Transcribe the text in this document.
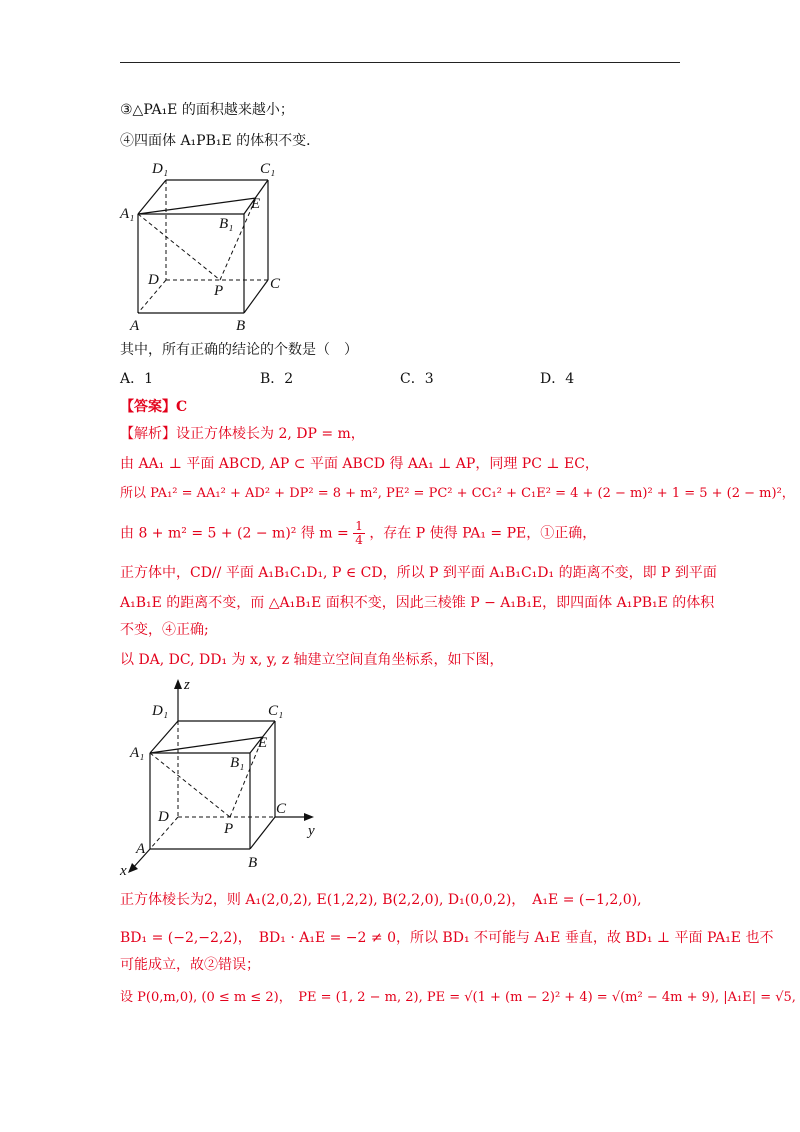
③△PA₁E 的面积越来越小；
④四面体 A₁PB₁E 的体积不变．
D₁	C₁
A₁
E
B₁
D
P	C
A	B
其中，所有正确的结论的个数是（　）
A．1	B．2	C．3	D．4
【答案】C
【解析】设正方体棱长为 2, DP = m，
由 AA₁ ⊥ 平面 ABCD, AP ⊂ 平面 ABCD 得 AA₁ ⊥ AP，同理 PC ⊥ EC，
所以 PA₁² = AA₁² + AD² + DP² = 8 + m², PE² = PC² + CC₁² + C₁E² = 4 + (2 − m)² + 1 = 5 + (2 − m)²，
由 8 + m² = 5 + (2 − m)² 得 $m = \frac{1}{4}$ ，存在 P 使得 PA₁ = PE，①正确，
正方体中，CD// 平面 A₁B₁C₁D₁, P ∈ CD，所以 P 到平面 A₁B₁C₁D₁ 的距离不变，即 P 到平面
A₁B₁E 的距离不变，而 △A₁B₁E 面积不变，因此三棱锥 P − A₁B₁E，即四面体 A₁PB₁E 的体积
不变，④正确;
以 DA, DC, DD₁ 为 x, y, z 轴建立空间直角坐标系，如下图，
z
D₁	C₁
A₁
E
B₁
D
P
C
y
A
x	B
正方体棱长为2，则 A₁(2,0,2), E(1,2,2), B(2,2,0), D₁(0,0,2)，　A₁E = (−1,2,0),
BD₁ = (−2,−2,2)，　BD₁ · A₁E = −2 ≠ 0，所以 BD₁ 不可能与 A₁E 垂直，故 BD₁ ⊥ 平面 PA₁E 也不
可能成立，故②错误；
设 P(0,m,0), (0 ≤ m ≤ 2)，　PE = (1, 2 − m, 2), PE = √(1 + (m − 2)² + 4) = √(m² − 4m + 9), |A₁E| = √5,
